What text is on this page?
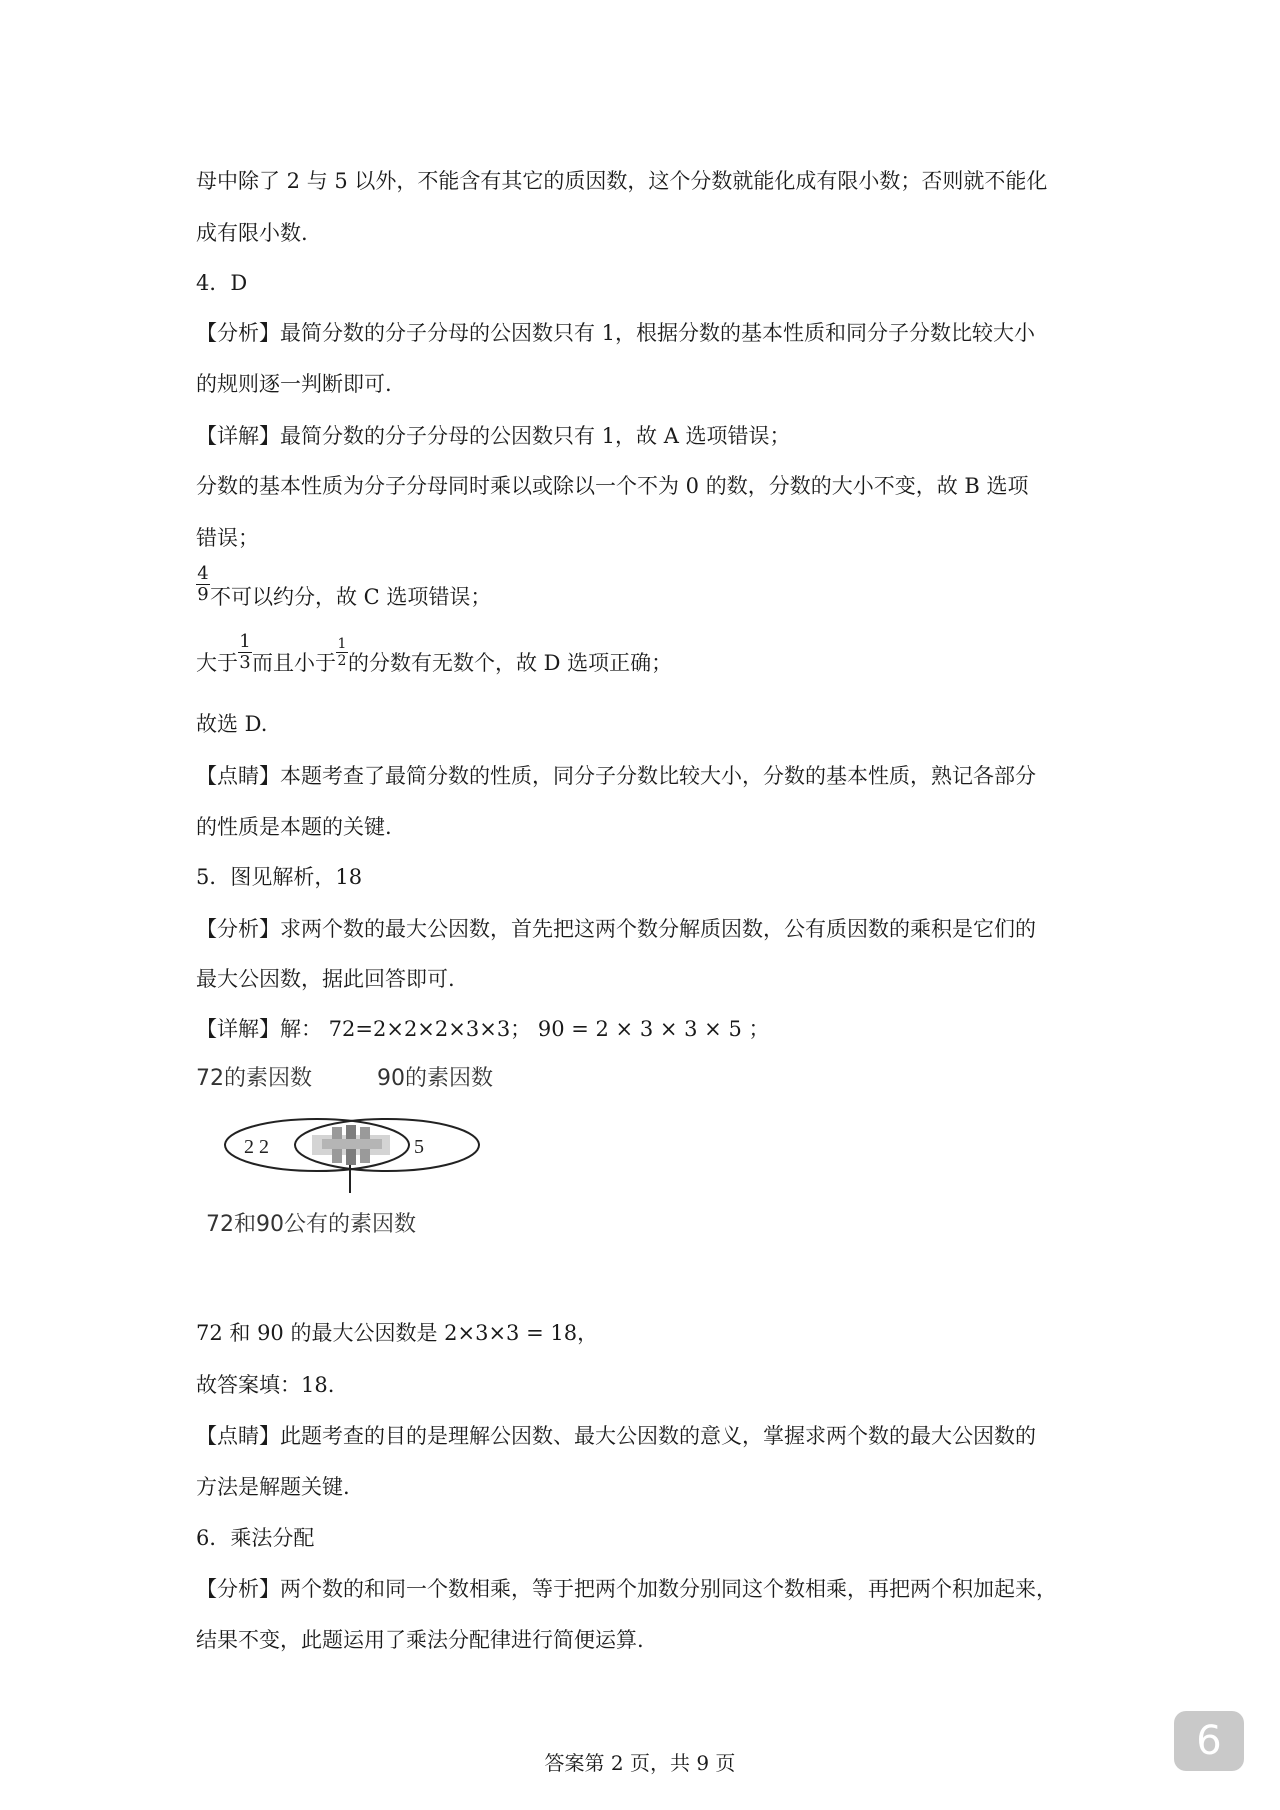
母中除了 2 与 5 以外，不能含有其它的质因数，这个分数就能化成有限小数；否则就不能化
成有限小数.
4．D
【分析】最简分数的分子分母的公因数只有 1，根据分数的基本性质和同分子分数比较大小
的规则逐一判断即可.
【详解】最简分数的分子分母的公因数只有 1，故 A 选项错误；
分数的基本性质为分子分母同时乘以或除以一个不为 0 的数，分数的大小不变，故 B 选项
错误；
$\frac{4}{9}$ 不可以约分，故 C 选项错误；
大于 $\frac{1}{3}$ 而且小于 $\frac{1}{2}$ 的分数有无数个，故 D 选项正确；
故选 D.
【点睛】本题考查了最简分数的性质，同分子分数比较大小，分数的基本性质，熟记各部分
的性质是本题的关键.
5．图见解析，18
【分析】求两个数的最大公因数，首先把这两个数分解质因数，公有质因数的乘积是它们的
最大公因数，据此回答即可.
【详解】解： 72=2×2×2×3×3； 90 = 2 × 3 × 3 × 5 ；
72的素因数	90的素因数
2 2	5
72和90公有的素因数
72 和 90 的最大公因数是 2×3×3 = 18，
故答案填：18.
【点睛】此题考查的目的是理解公因数、最大公因数的意义，掌握求两个数的最大公因数的
方法是解题关键.
6．乘法分配
【分析】两个数的和同一个数相乘，等于把两个加数分别同这个数相乘，再把两个积加起来，
结果不变，此题运用了乘法分配律进行简便运算.
答案第 2 页，共 9 页	6
